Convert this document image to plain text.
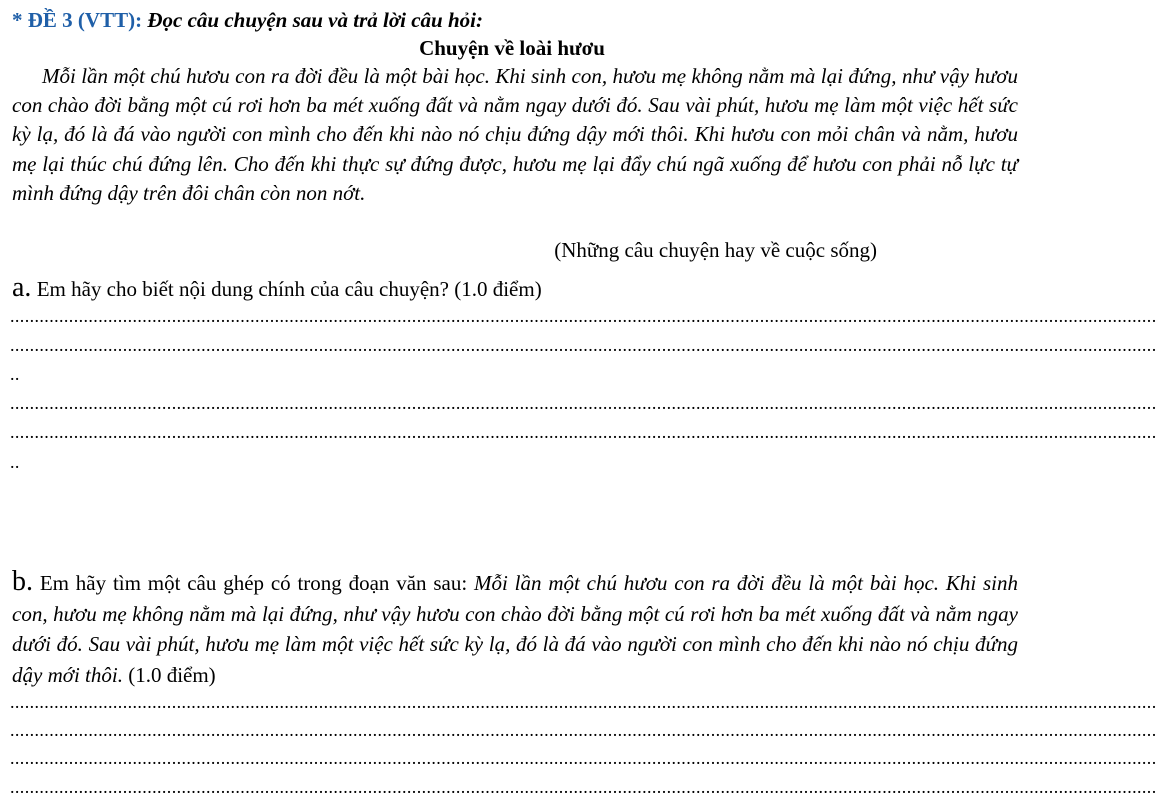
* ĐỀ 3 (VTT): Đọc câu chuyện sau và trả lời câu hỏi:
Chuyện về loài hươu

Mỗi lần một chú hươu con ra đời đều là một bài học. Khi sinh con, hươu mẹ không nằm mà lại đứng, như vậy hươu con chào đời bằng một cú rơi hơn ba mét xuống đất và nằm ngay dưới đó. Sau vài phút, hươu mẹ làm một việc hết sức kỳ lạ, đó là đá vào người con mình cho đến khi nào nó chịu đứng dậy mới thôi. Khi hươu con mỏi chân và nằm, hươu mẹ lại thúc chú đứng lên. Cho đến khi thực sự đứng được, hươu mẹ lại đẩy chú ngã xuống để hươu con phải nỗ lực tự mình đứng dậy trên đôi chân còn non nớt.

(Những câu chuyện hay về cuộc sống)
a. Em hãy cho biết nội dung chính của câu chuyện? (1.0 điểm)
..........................................................................................................................................................................................................................................
..........................................................................................................................................................................................................................................
..
..........................................................................................................................................................................................................................................
..........................................................................................................................................................................................................................................
..

b. Em hãy tìm một câu ghép có trong đoạn văn sau: Mỗi lần một chú hươu con ra đời đều là một bài học. Khi sinh con, hươu mẹ không nằm mà lại đứng, như vậy hươu con chào đời bằng một cú rơi hơn ba mét xuống đất và nằm ngay dưới đó. Sau vài phút, hươu mẹ làm một việc hết sức kỳ lạ, đó là đá vào người con mình cho đến khi nào nó chịu đứng dậy mới thôi. (1.0 điểm)

..........................................................................................................................................................................................................................................
..........................................................................................................................................................................................................................................
..........................................................................................................................................................................................................................................
..........................................................................................................................................................................................................................................
